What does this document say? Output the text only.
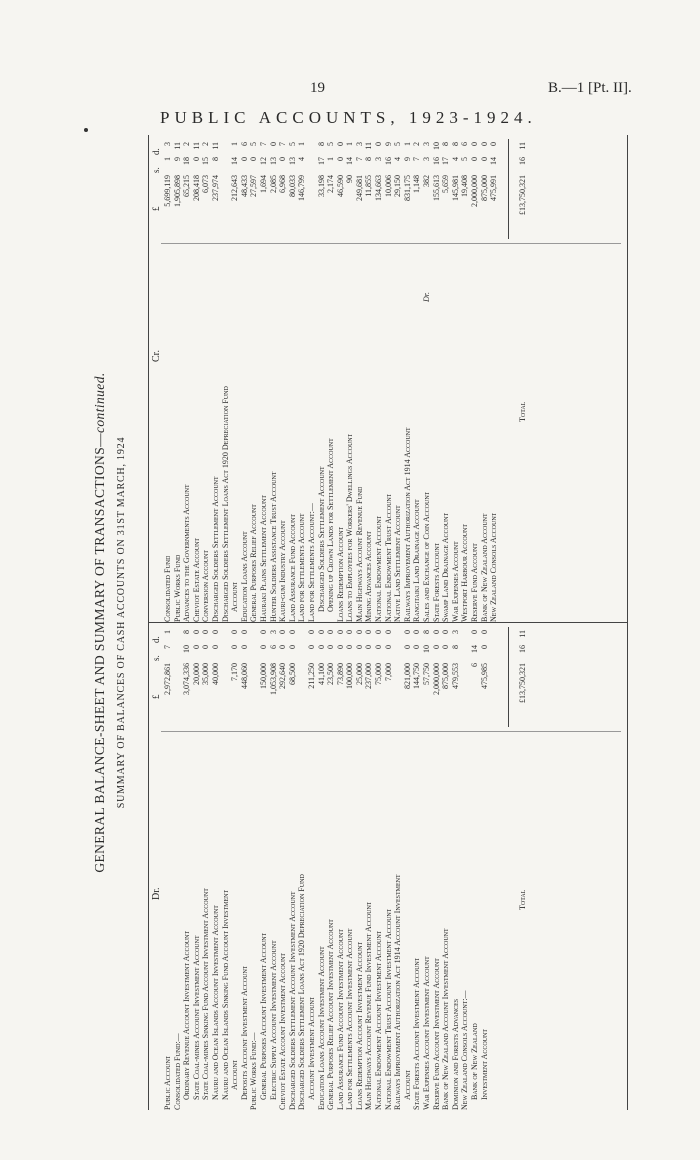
19	B.—1 [Pt. II].
PUBLIC ACCOUNTS, 1923-1924.
GENERAL BALANCE-SHEET AND SUMMARY OF TRANSACTIONS—continued.
SUMMARY OF BALANCES OF CASH ACCOUNTS ON 31ST MARCH, 1924
Dr.
£
s.
d.
Public Account
2,972,861
7
1
Consolidated Fund:— Ordinary Revenue Account Investment Account
3,074,336
10
8
State Coal-mines Account Investment Account
20,000
0
0
State Coal-mines Sinking Fund Account Investment Account
35,000
0
0
Nauru and Ocean Islands Account Investment Account
40,000
0
0
Nauru and Ocean Islands Sinking Fund Account Investment Account
7,170
0
0
Deposits Account Investment Account
448,060
0
0
Public Works Fund:— General Purposes Account Investment Account
150,000
0
0
Electric Supply Account Investment Account
1,053,908
6
3
Cheviot Estate Account Investment Account
292,640
0
0
Discharged Soldiers Settlement Account Investment Account
68,500
0
0
Discharged Soldiers Settlement Loans Act 1920 Depreciation Fund Account Investment Account
211,250
0
0
Education Loans Account Investment Account
41,100
0
0
General Purposes Relief Account Investment Account
23,500
0
0
Land Assurance Fund Account Investment Account
73,890
0
0
Land for Settlements Account Investment Account
100,000
0
0
Loans Redemption Account Investment Account
25,000
0
0
Main Highways Account Revenue Fund Investment Account
237,000
0
0
National Endowment Account Investment Account
75,000
0
0
National Endowment Trust Account Investment Account
7,000
0
0
Railways Improvement Authorization Act 1914 Account Investment Account
821,000
0
0
State Forests Account Investment Account
144,750
0
0
War Expenses Account Investment Account
57,750
10
8
Reserve Fund Account Investment Account
2,000,000
0
0
Bank of New Zealand Account Investment Account
875,000
0
0
Dominion and Forests Advances
479,553
8
3
New Zealand Consols Account:— Bank of New Zealand
6
14
0
Investment Account
475,985
0
0
Total
£13,750,321
16
11
Cr.
£
s.
d.
Consolidated Fund
5,699,119
1
3
Public Works Fund
1,905,898
9
11
Advances to the Governments Account
65,215
18
2
Cheviot Estate Account
208,418
0
11
Conversion Account
6,073
15
2
Discharged Soldiers Settlement Account
237,974
8
11
Discharged Soldiers Settlement Loans Act 1920 Depreciation Fund Account
212,643
14
1
Education Loans Account
48,433
0
6
General Purposes Relief Account
27,597
0
5
Hauraki Plains Settlement Account
1,694
12
7
Hunter Soldiers Assistance Trust Account
2,085
13
0
Kauri-gum Industry Account
6,968
0
7
Land Assurance Fund Account
80,033
13
5
Land for Settlements Account
146,799
4
1
Land for Settlements Account:— Discharged Soldiers Settlement Account
33,198
17
8
Opening up Crown Lands for Settlement Account
2,174
1
5
Loans Redemption Account
46,590
0
0
Loans to Employees for Workers' Dwellings Account
90
14
1
Main Highways Account Revenue Fund
249,681
7
3
Mining Advances Account
11,855
8
11
National Endowment Account
134,663
3
0
National Endowment Trust Account
10,006
16
9
Native Land Settlement Account
29,150
4
5
Railways Improvement Authorization Act 1914 Account
831,175
9
1
Rangitaiki Land Drainage Account
1,148
7
2
Sales and Exchange of Coin Account
Dr.
382
3
3
State Forests Account
155,613
16
10
Swamp Land Drainage Account
5,659
17
8
War Expenses Account
145,981
4
8
Westport Harbour Account
19,408
5
6
Reserve Fund Account
2,000,000
0
0
Bank of New Zealand Account
875,000
0
0
New Zealand Consols Account
475,991
14
0
Total
£13,750,321
16
11
